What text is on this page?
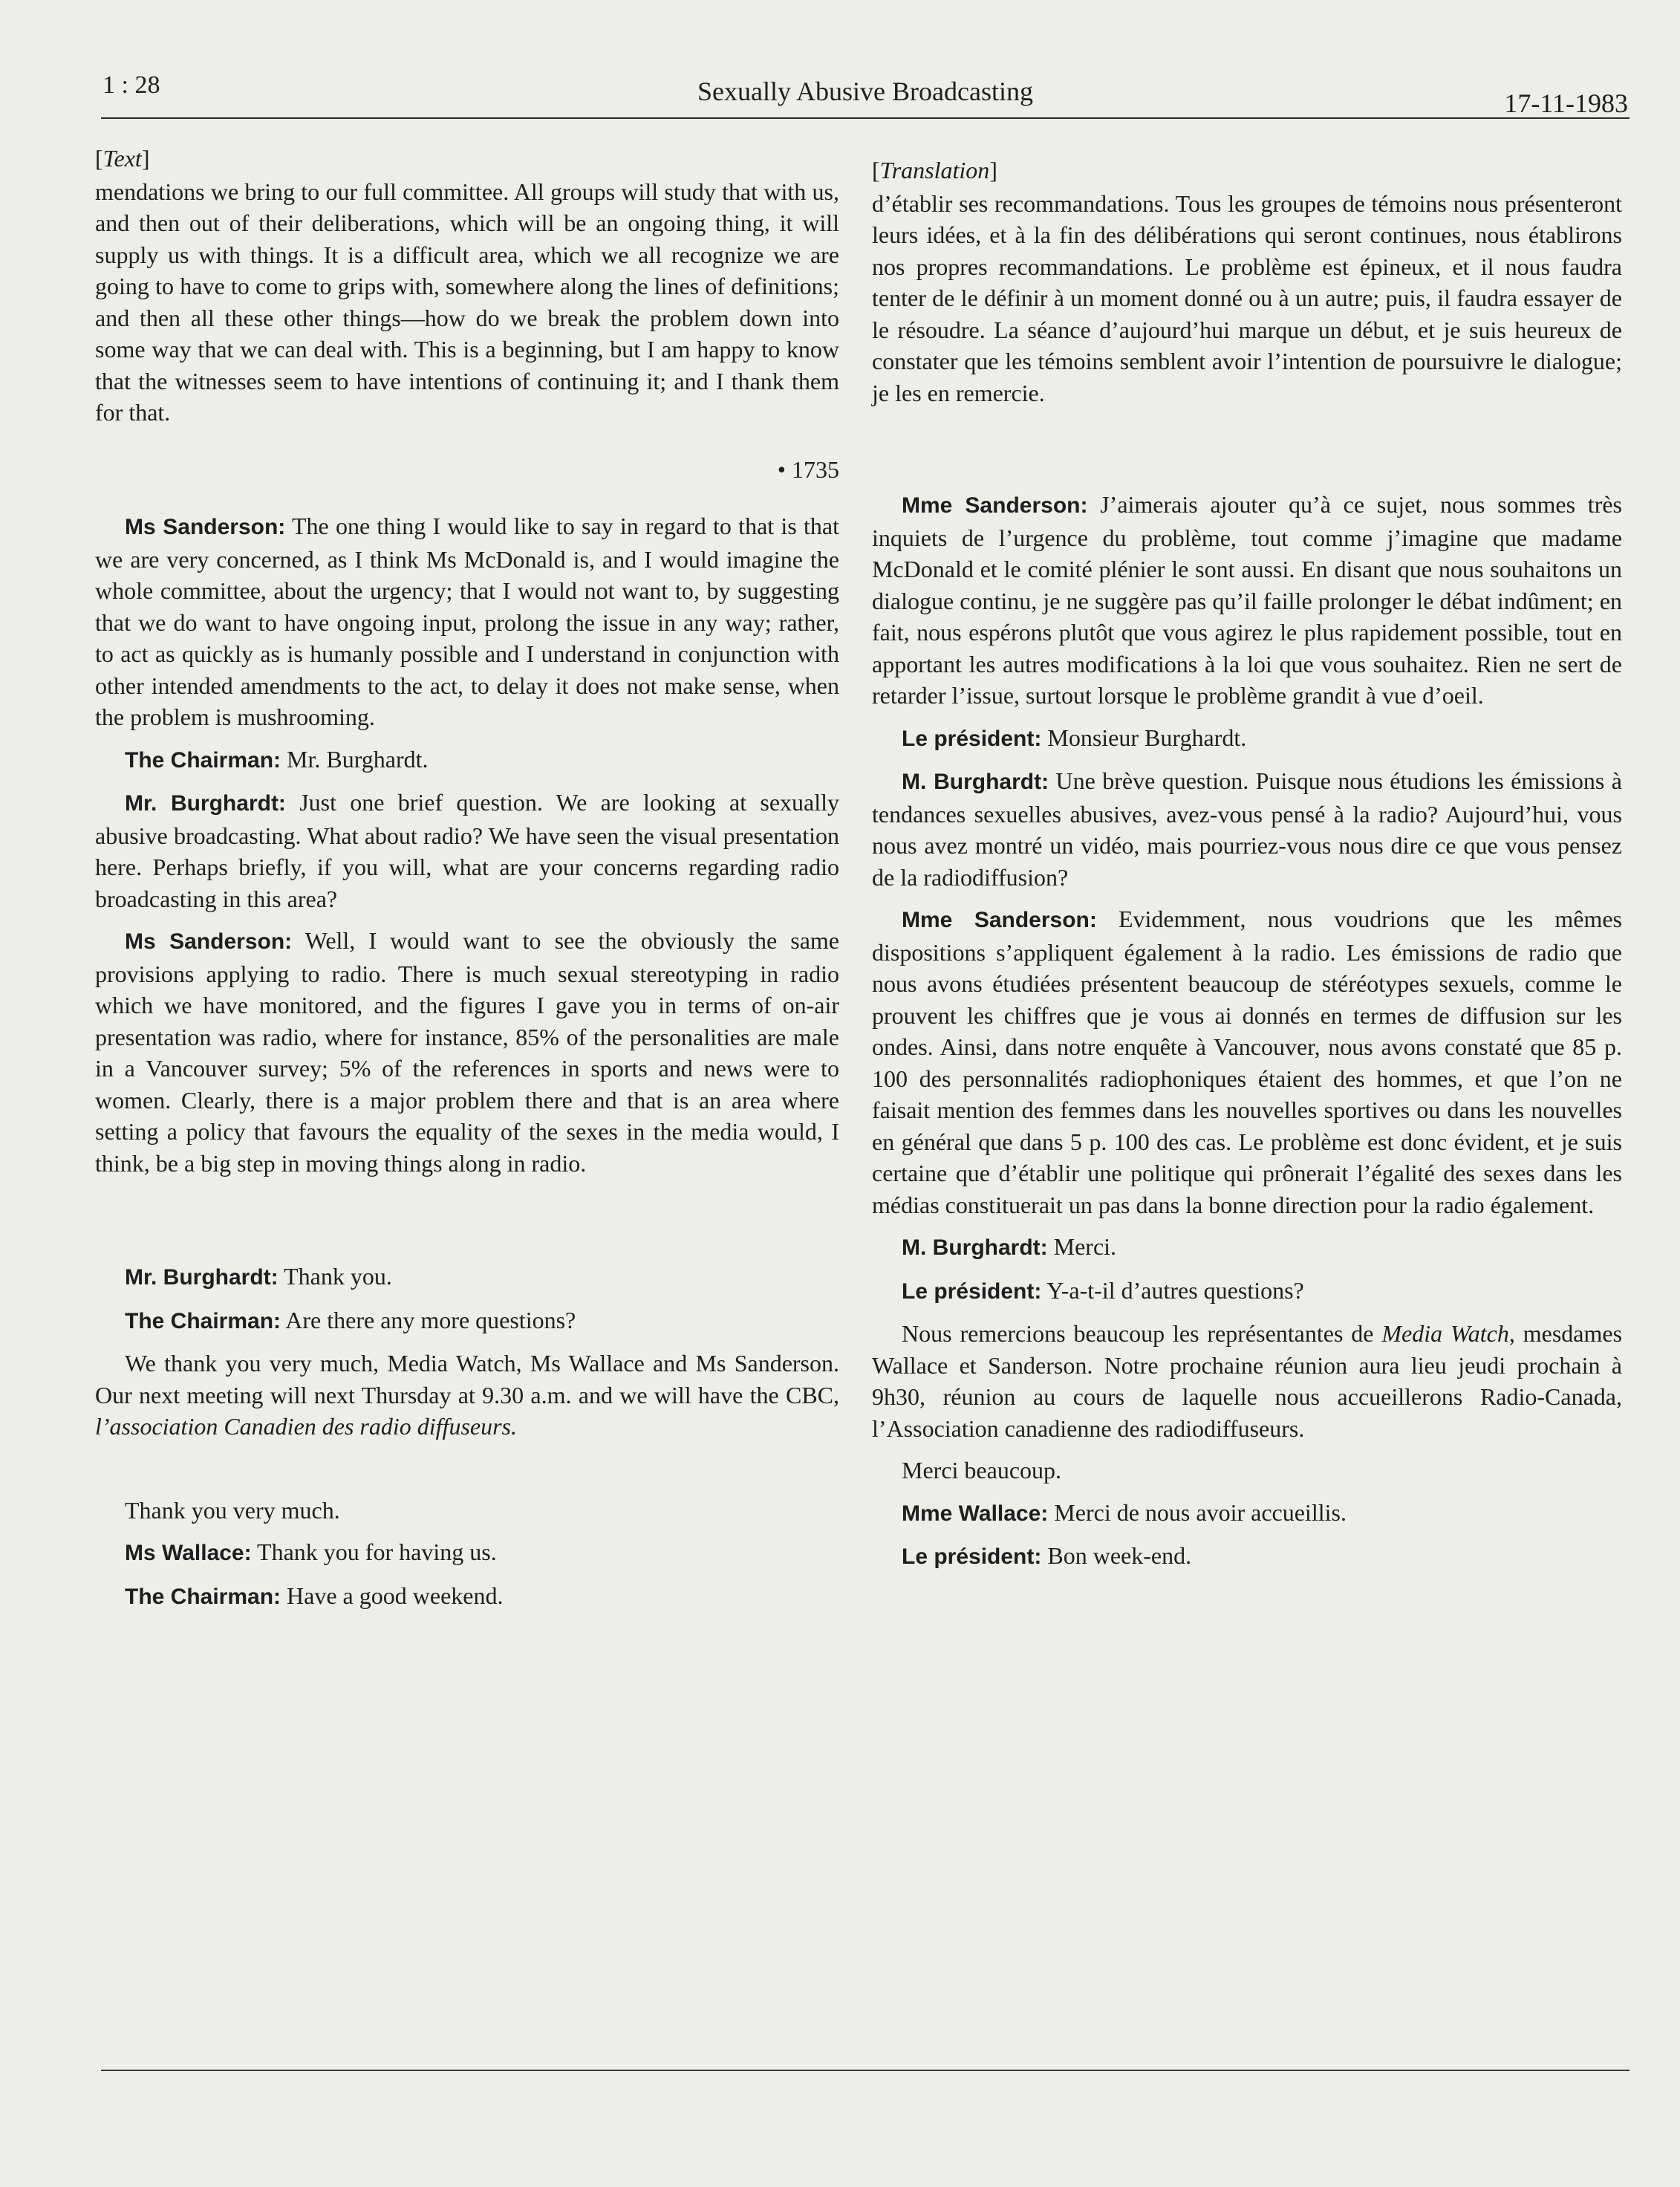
1 : 28	Sexually Abusive Broadcasting	17-11-1983

[Text]

mendations we bring to our full committee. All groups will study that with us, and then out of their deliberations, which will be an ongoing thing, it will supply us with things. It is a difficult area, which we all recognize we are going to have to come to grips with, somewhere along the lines of definitions; and then all these other things—how do we break the problem down into some way that we can deal with. This is a beginning, but I am happy to know that the witnesses seem to have intentions of continuing it; and I thank them for that.

• 1735

Ms Sanderson: The one thing I would like to say in regard to that is that we are very concerned, as I think Ms McDonald is, and I would imagine the whole committee, about the urgency; that I would not want to, by suggesting that we do want to have ongoing input, prolong the issue in any way; rather, to act as quickly as is humanly possible and I understand in conjunction with other intended amendments to the act, to delay it does not make sense, when the problem is mushrooming.

The Chairman: Mr. Burghardt.

Mr. Burghardt: Just one brief question. We are looking at sexually abusive broadcasting. What about radio? We have seen the visual presentation here. Perhaps briefly, if you will, what are your concerns regarding radio broadcasting in this area?

Ms Sanderson: Well, I would want to see the obviously the same provisions applying to radio. There is much sexual stereotyping in radio which we have monitored, and the figures I gave you in terms of on-air presentation was radio, where for instance, 85% of the personalities are male in a Vancouver survey; 5% of the references in sports and news were to women. Clearly, there is a major problem there and that is an area where setting a policy that favours the equality of the sexes in the media would, I think, be a big step in moving things along in radio.

Mr. Burghardt: Thank you.

The Chairman: Are there any more questions?

We thank you very much, Media Watch, Ms Wallace and Ms Sanderson. Our next meeting will next Thursday at 9.30 a.m. and we will have the CBC, l’association Canadien des radio diffuseurs.

Thank you very much.

Ms Wallace: Thank you for having us.

The Chairman: Have a good weekend.

[Translation]

d’établir ses recommandations. Tous les groupes de témoins nous présenteront leurs idées, et à la fin des délibérations qui seront continues, nous établirons nos propres recommandations. Le problème est épineux, et il nous faudra tenter de le définir à un moment donné ou à un autre; puis, il faudra essayer de le résoudre. La séance d’aujourd’hui marque un début, et je suis heureux de constater que les témoins semblent avoir l’intention de poursuivre le dialogue; je les en remercie.

Mme Sanderson: J’aimerais ajouter qu’à ce sujet, nous sommes très inquiets de l’urgence du problème, tout comme j’imagine que madame McDonald et le comité plénier le sont aussi. En disant que nous souhaitons un dialogue continu, je ne suggère pas qu’il faille prolonger le débat indûment; en fait, nous espérons plutôt que vous agirez le plus rapidement possible, tout en apportant les autres modifications à la loi que vous souhaitez. Rien ne sert de retarder l’issue, surtout lorsque le problème grandit à vue d’oeil.

Le président: Monsieur Burghardt.

M. Burghardt: Une brève question. Puisque nous étudions les émissions à tendances sexuelles abusives, avez-vous pensé à la radio? Aujourd’hui, vous nous avez montré un vidéo, mais pourriez-vous nous dire ce que vous pensez de la radiodiffusion?

Mme Sanderson: Evidemment, nous voudrions que les mêmes dispositions s’appliquent également à la radio. Les émissions de radio que nous avons étudiées présentent beaucoup de stéréotypes sexuels, comme le prouvent les chiffres que je vous ai donnés en termes de diffusion sur les ondes. Ainsi, dans notre enquête à Vancouver, nous avons constaté que 85 p. 100 des personnalités radiophoniques étaient des hommes, et que l’on ne faisait mention des femmes dans les nouvelles sportives ou dans les nouvelles en général que dans 5 p. 100 des cas. Le problème est donc évident, et je suis certaine que d’établir une politique qui prônerait l’égalité des sexes dans les médias constituerait un pas dans la bonne direction pour la radio également.

M. Burghardt: Merci.

Le président: Y-a-t-il d’autres questions?

Nous remercions beaucoup les représentantes de Media Watch, mesdames Wallace et Sanderson. Notre prochaine réunion aura lieu jeudi prochain à 9h30, réunion au cours de laquelle nous accueillerons Radio-Canada, l’Association canadienne des radiodiffuseurs.

Merci beaucoup.

Mme Wallace: Merci de nous avoir accueillis.

Le président: Bon week-end.
